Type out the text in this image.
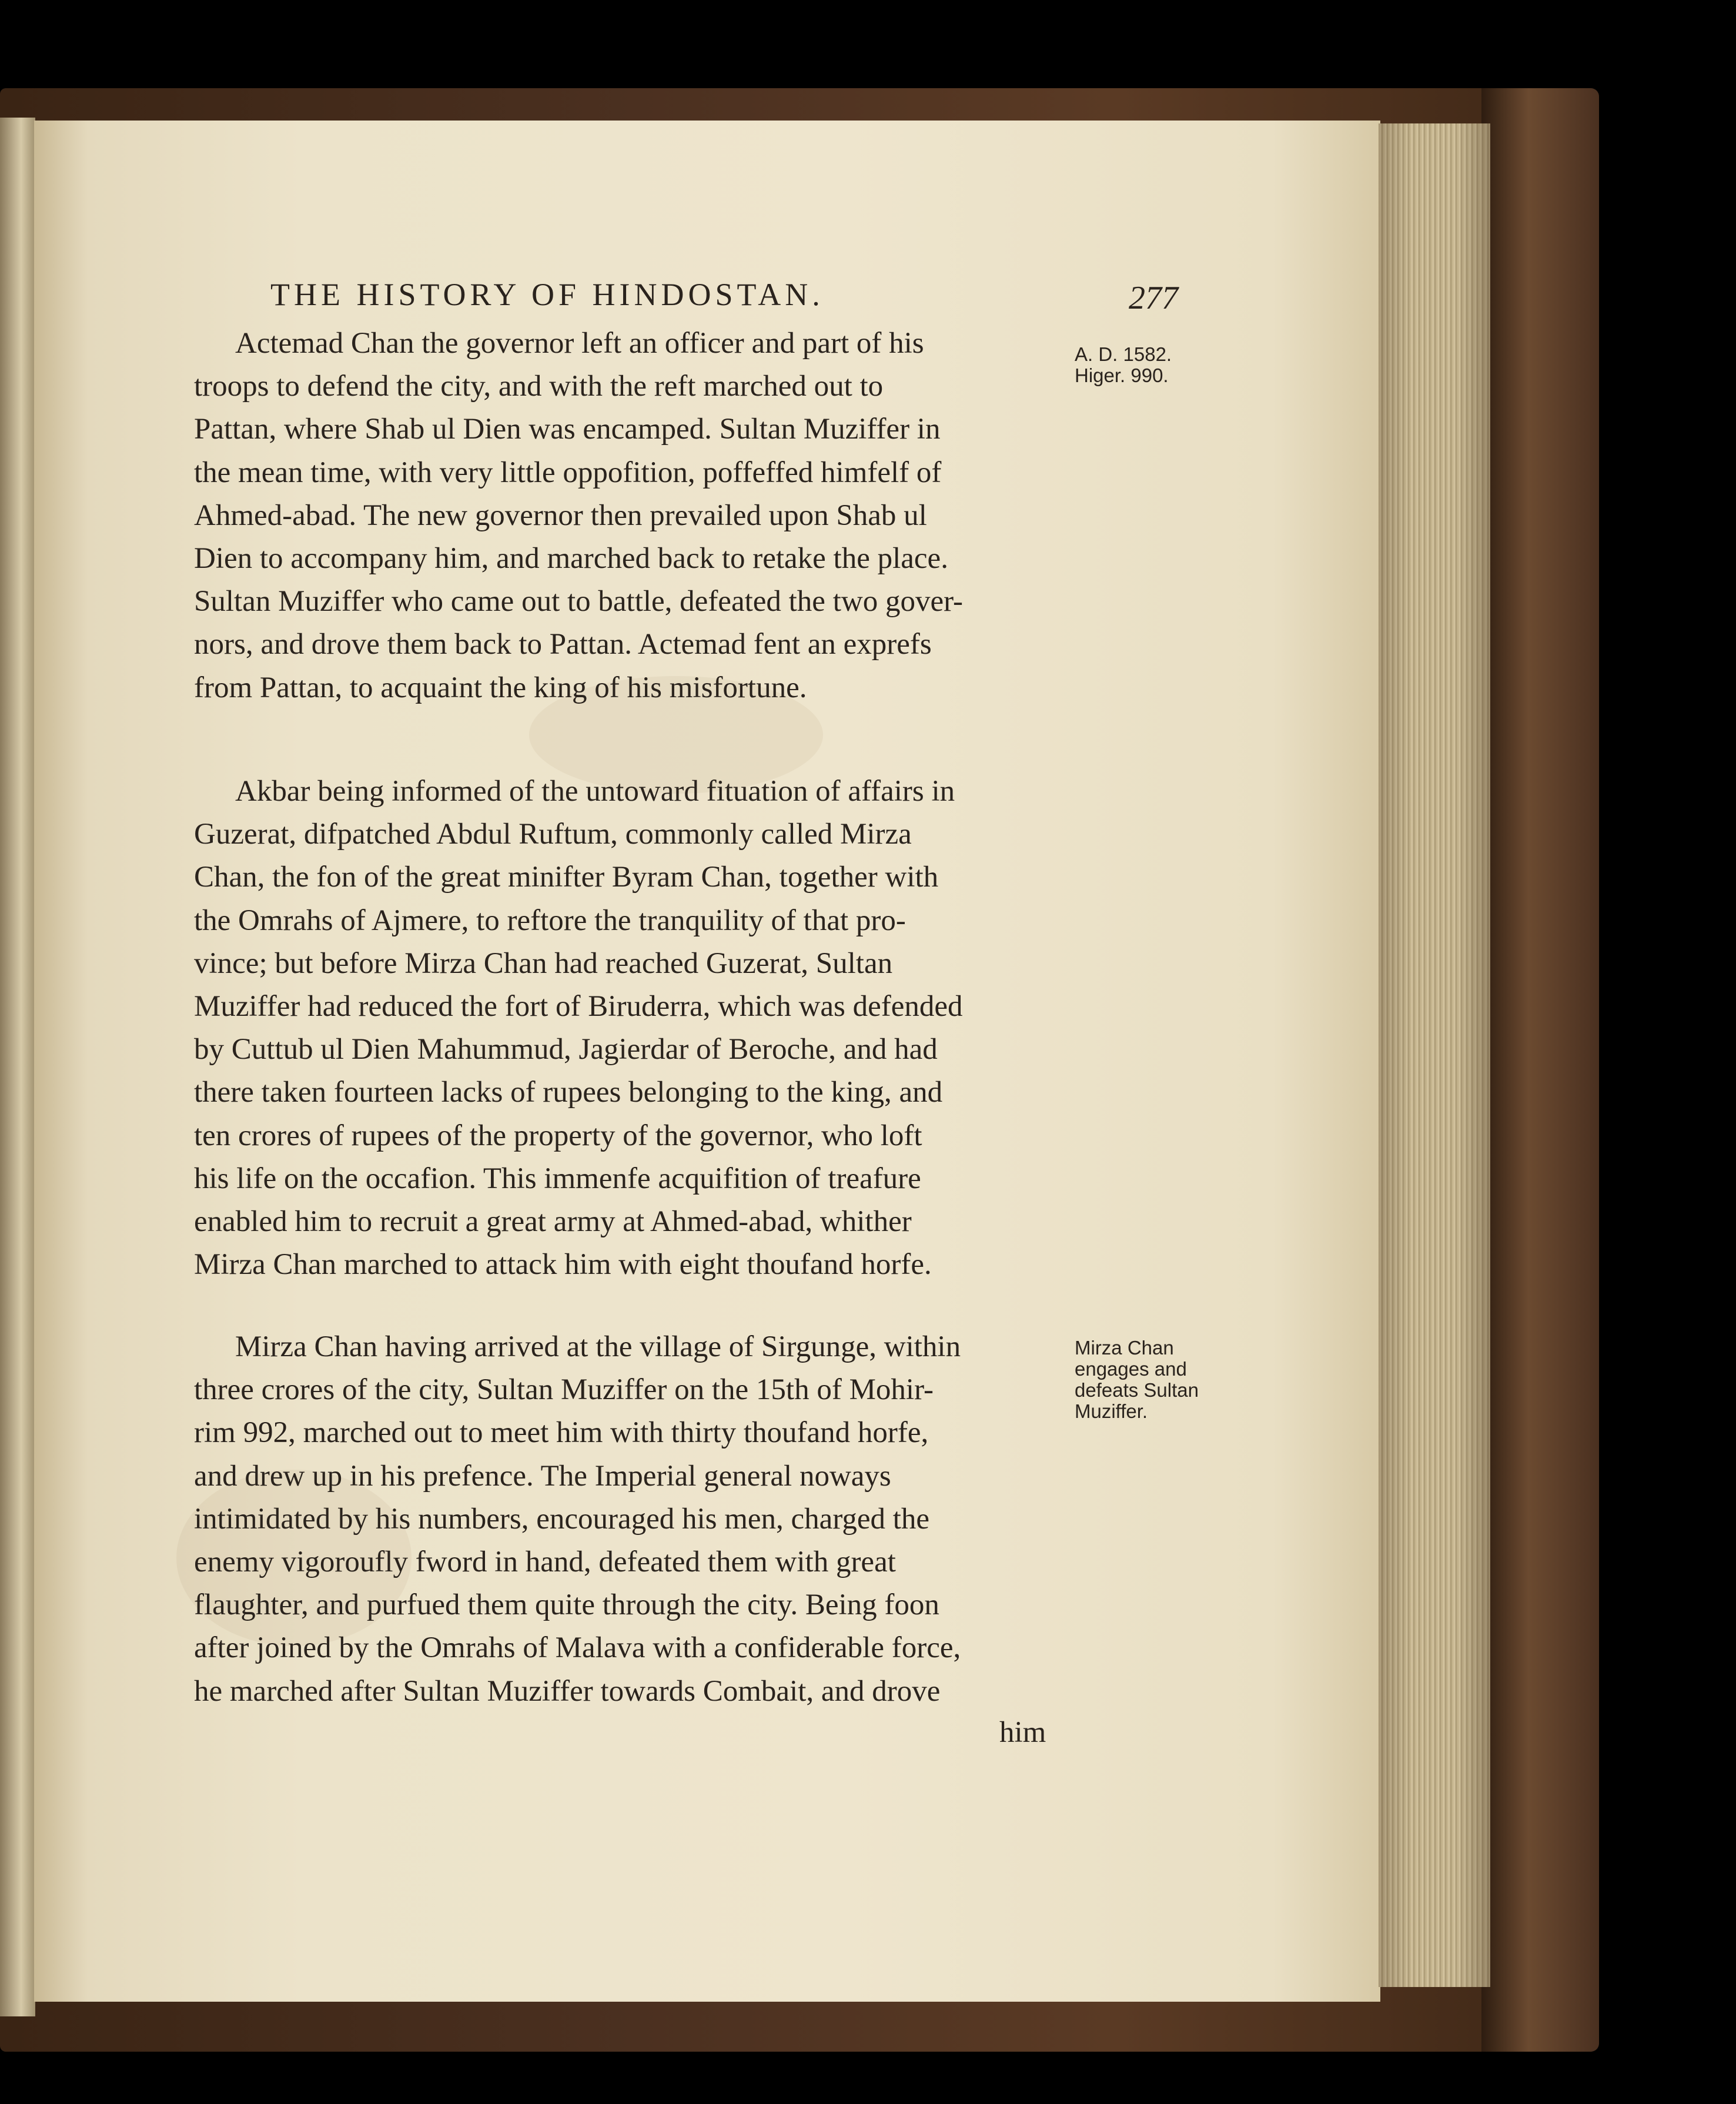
THE HISTORY OF HINDOSTAN.	277
Actemad Chan the governor left an officer and part of his
troops to defend the city, and with the reft marched out to
Pattan, where Shab ul Dien was encamped. Sultan Muziffer in
the mean time, with very little oppofition, poffeffed himfelf of
Ahmed-abad. The new governor then prevailed upon Shab ul
Dien to accompany him, and marched back to retake the place.
Sultan Muziffer who came out to battle, defeated the two gover-
nors, and drove them back to Pattan. Actemad fent an exprefs
from Pattan, to acquaint the king of his misfortune.
Akbar being informed of the untoward fituation of affairs in
Guzerat, difpatched Abdul Ruftum, commonly called Mirza
Chan, the fon of the great minifter Byram Chan, together with
the Omrahs of Ajmere, to reftore the tranquility of that pro-
vince; but before Mirza Chan had reached Guzerat, Sultan
Muziffer had reduced the fort of Biruderra, which was defended
by Cuttub ul Dien Mahummud, Jagierdar of Beroche, and had
there taken fourteen lacks of rupees belonging to the king, and
ten crores of rupees of the property of the governor, who loft
his life on the occafion. This immenfe acquifition of treafure
enabled him to recruit a great army at Ahmed-abad, whither
Mirza Chan marched to attack him with eight thoufand horfe.
Mirza Chan having arrived at the village of Sirgunge, within
three crores of the city, Sultan Muziffer on the 15th of Mohir-
rim 992, marched out to meet him with thirty thoufand horfe,
and drew up in his prefence. The Imperial general noways
intimidated by his numbers, encouraged his men, charged the
enemy vigoroufly fword in hand, defeated them with great
flaughter, and purfued them quite through the city. Being foon
after joined by the Omrahs of Malava with a confiderable force,
he marched after Sultan Muziffer towards Combait, and drove
him
A. D. 1582.
Higer. 990.
Mirza Chan
engages and
defeats Sultan
Muziffer.
